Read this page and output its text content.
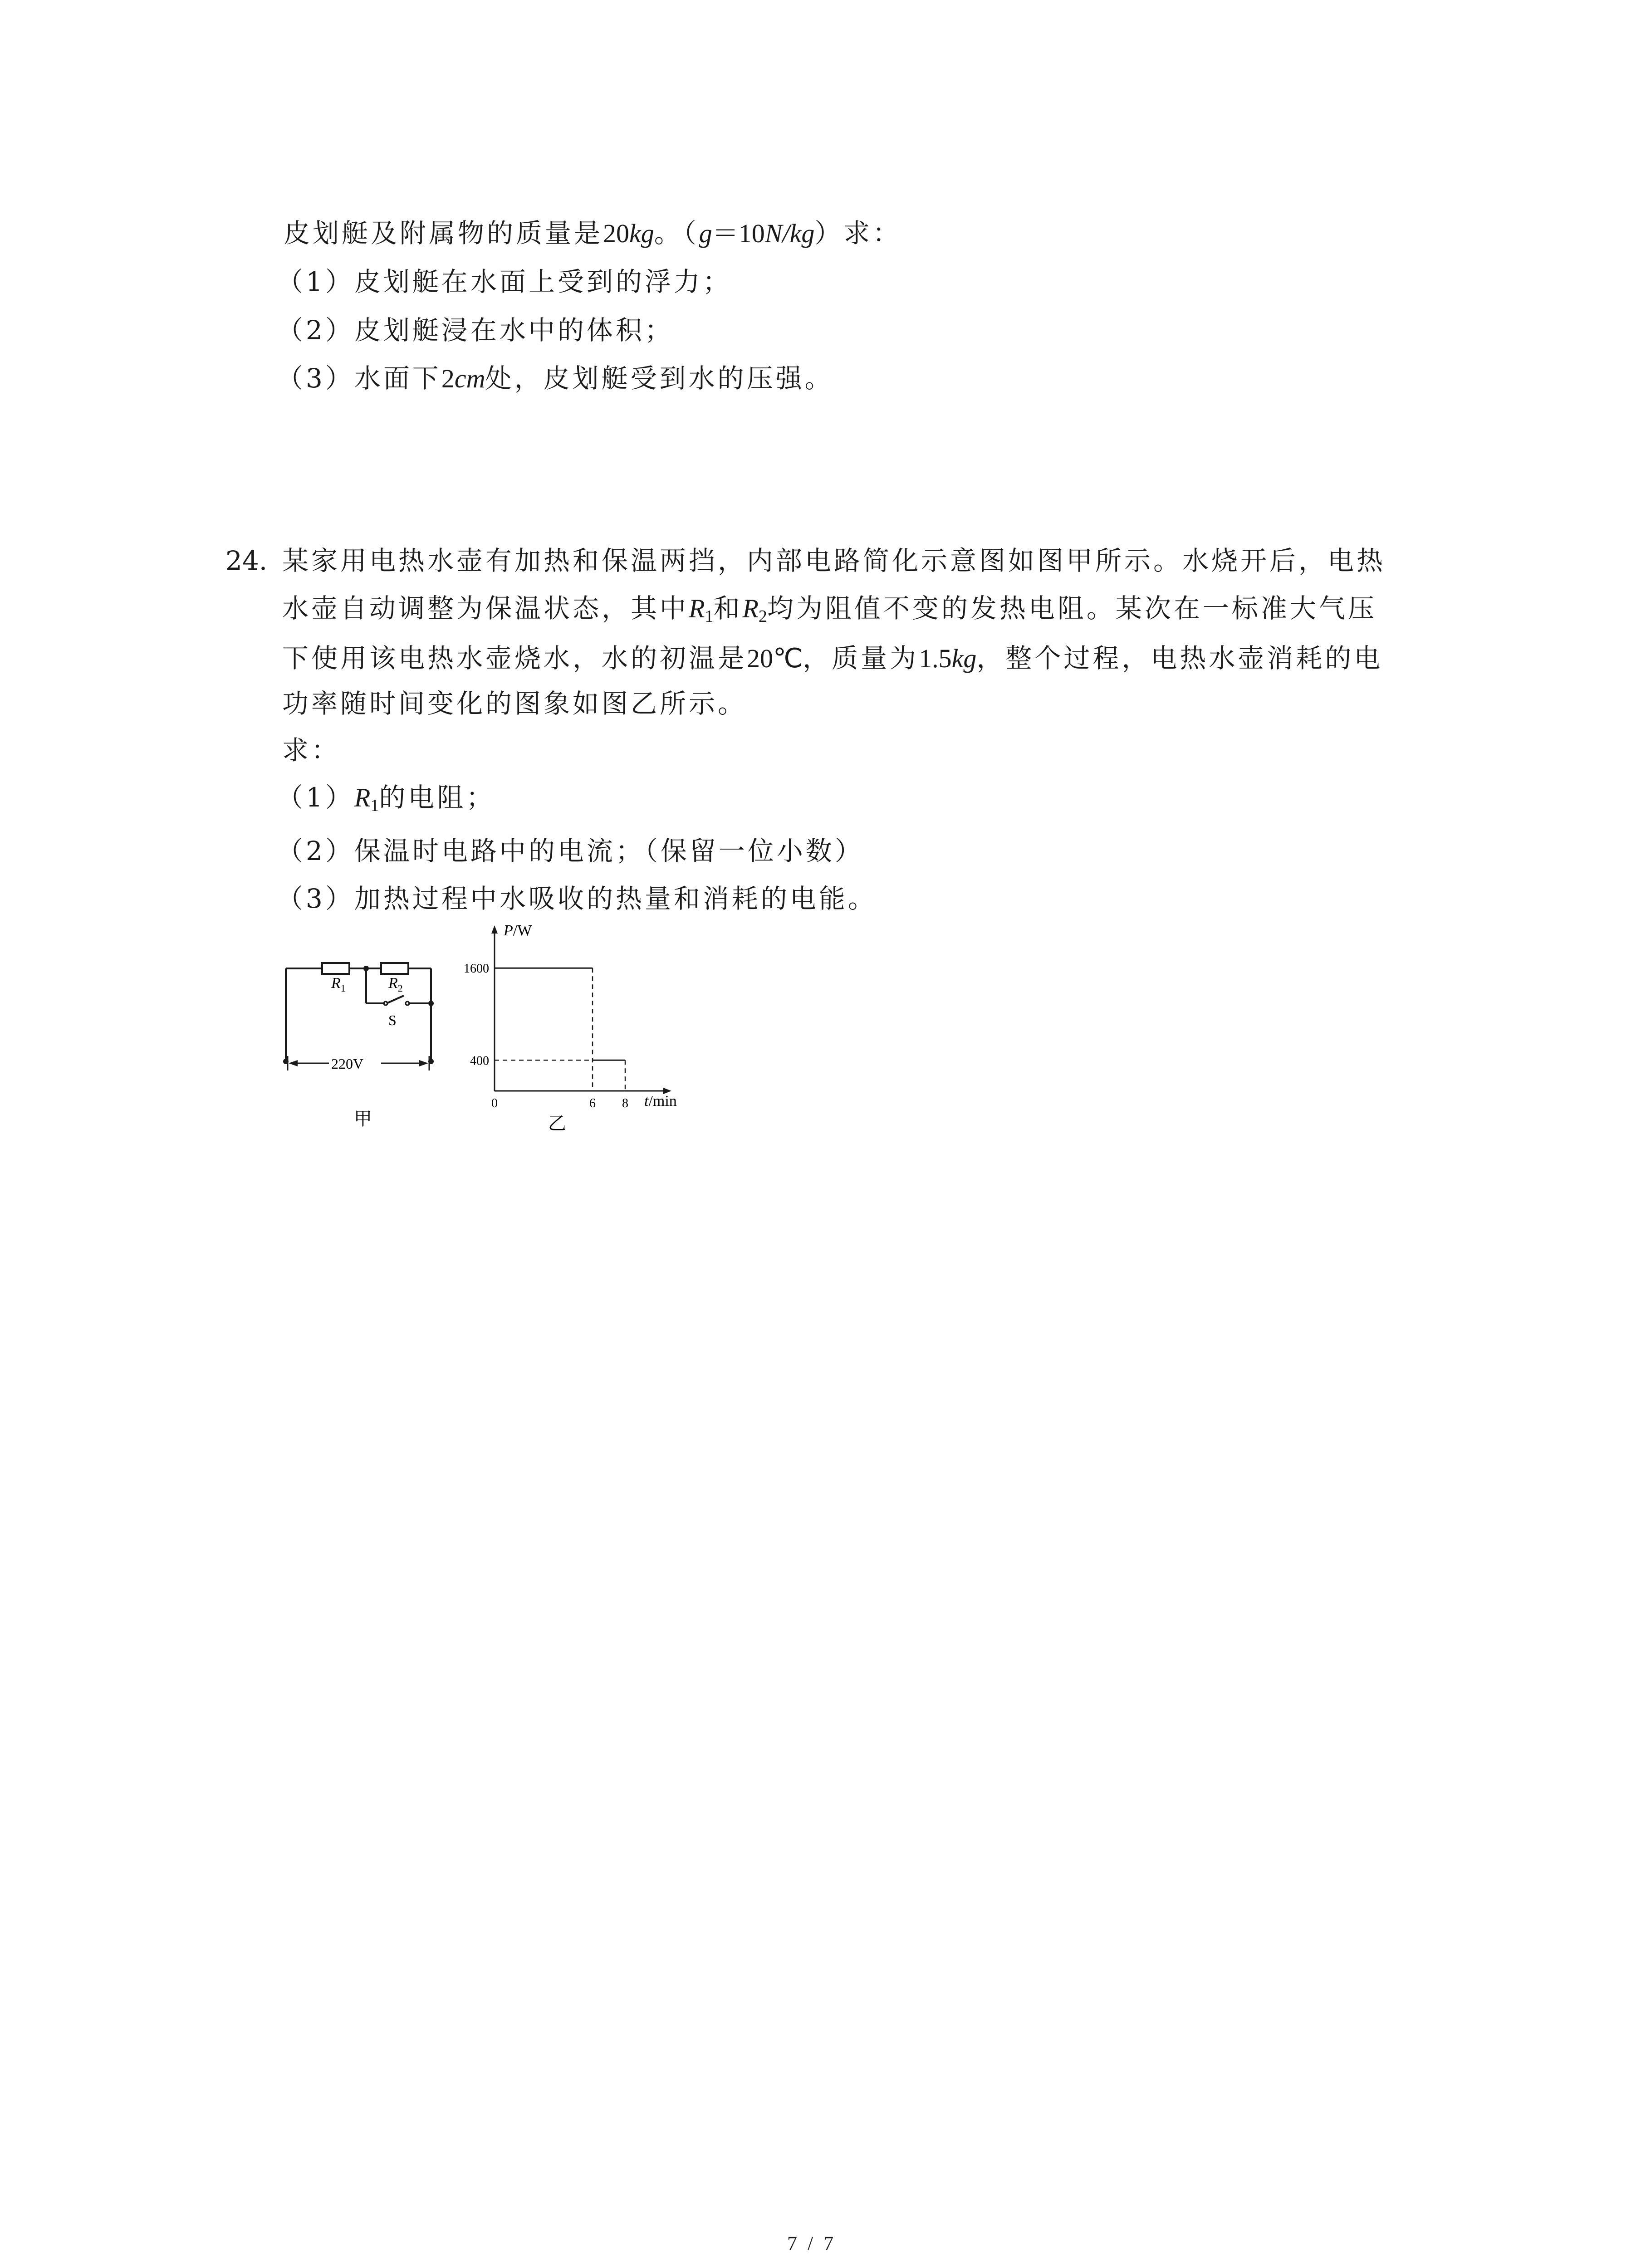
皮划艇及附属物的质量是20kg。（g＝10N/kg）求：
（1）皮划艇在水面上受到的浮力；
（2）皮划艇浸在水中的体积；
（3）水面下2cm处，皮划艇受到水的压强。
24. 某家用电热水壶有加热和保温两挡，内部电路简化示意图如图甲所示。水烧开后，电热
水壶自动调整为保温状态，其中$R_1$和$R_2$均为阻值不变的发热电阻。某次在一标准大气压
下使用该电热水壶烧水，水的初温是20℃，质量为1.5kg，整个过程，电热水壶消耗的电
功率随时间变化的图象如图乙所示。
求：
$(1)R_1$的电阻；
（2）保温时电路中的电流；（保留一位小数）
（3）加热过程中水吸收的热量和消耗的电能。
$R_1$	$R_2$
S
220V
甲
1600
400
0	6 8
P/W
t/min
乙
7 / 7
